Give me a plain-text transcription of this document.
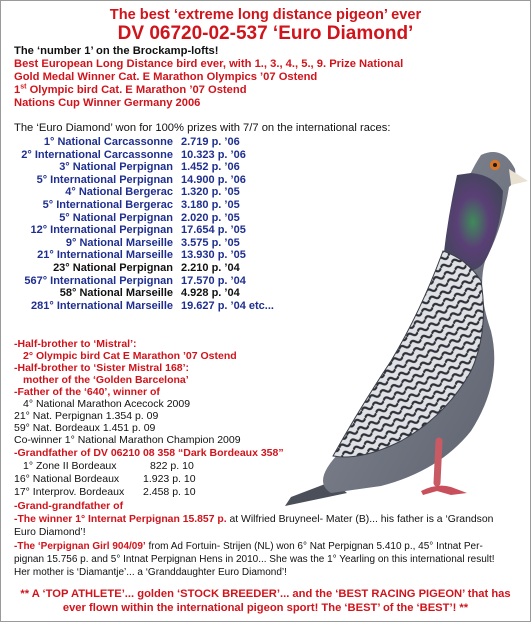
The best ‘extreme long distance pigeon’ ever
DV 06720-02-537 ‘Euro Diamond’
The ‘number 1’ on the Brockamp-lofts!
Best European Long Distance bird ever, with 1., 3., 4., 5., 9. Prize National
Gold Medal Winner Cat. E Marathon Olympics ’07 Ostend
1st Olympic bird Cat. E Marathon ’07 Ostend
Nations Cup Winner Germany 2006
The ‘Euro Diamond’ won for 100% prizes with 7/7 on the international races:
1° National Carcassonne 2.719 p. ’06
2° International Carcassonne 10.323 p. ’06
3° National Perpignan 1.452 p. ’06
5° International Perpignan 14.900 p. ’06
4° National Bergerac 1.320 p. ’05
5° International Bergerac 3.180 p. ’05
5° National Perpignan 2.020 p. ’05
12° International Perpignan 17.654 p. ’05
9° National Marseille 3.575 p. ’05
21° International Marseille 13.930 p. ’05
23° National Perpignan 2.210 p. ’04
567° International Perpignan 17.570 p. ’04
58° National Marseille 4.928 p. ’04
281° International Marseille 19.627 p. ’04 etc...
-Half-brother to ‘Mistral’:
2° Olympic bird Cat E Marathon ’07 Ostend
-Half-brother to ‘Sister Mistral 168’:
mother of the ‘Golden Barcelona’
-Father of the ‘640’, winner of
4° National Marathon Acecock 2009
21° Nat. Perpignan 1.354 p. 09
59° Nat. Bordeaux 1.451 p. 09
Co-winner 1° National Marathon Champion 2009
-Grandfather of DV 06210 08 358 “Dark Bordeaux 358”
1° Zone II Bordeaux	822 p. 10
16° National Bordeaux 1.923 p. 10
17° Interprov. Bordeaux 2.458 p. 10
-Grand-grandfather of
-The winner 1° Internat Perpignan 15.857 p. at Wilfried Bruyneel- Mater (B)... his father is a ‘Grandson
Euro Diamond’!
-The ‘Perpignan Girl 904/09’ from Ad Fortuin- Strijen (NL) won 6° Nat Perpignan 5.410 p., 45° Intnat Per-
pignan 15.756 p. and 5° Intnat Perpignan Hens in 2010... She was the 1° Yearling on this international result!
Her mother is ‘Diamantje’... a ‘Granddaughter Euro Diamond’!
** A ‘TOP ATHLETE’... golden ‘STOCK BREEDER’... and the ‘BEST RACING PIGEON’ that has
ever flown within the international pigeon sport! The ‘BEST’ of the ‘BEST’! **
